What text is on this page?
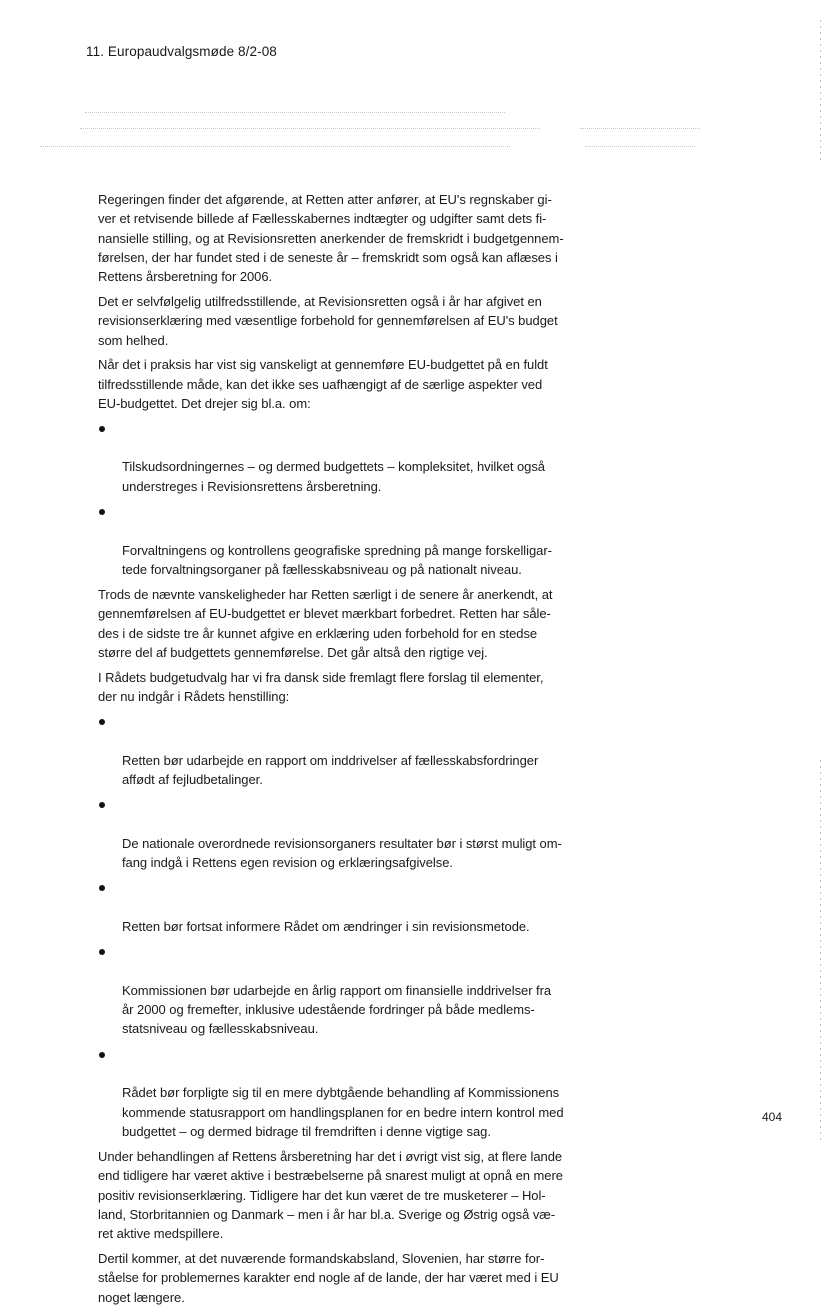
11. Europaudvalgsmøde 8/2-08

Regeringen finder det afgørende, at Retten atter anfører, at EU's regnskaber gi-
ver et retvisende billede af Fællesskabernes indtægter og udgifter samt dets fi-
nansielle stilling, og at Revisionsretten anerkender de fremskridt i budgetgennem-
førelsen, der har fundet sted i de seneste år – fremskridt som også kan aflæses i
Rettens årsberetning for 2006.

Det er selvfølgelig utilfredsstillende, at Revisionsretten også i år har afgivet en
revisionserklæring med væsentlige forbehold for gennemførelsen af EU's budget
som helhed.

Når det i praksis har vist sig vanskeligt at gennemføre EU-budgettet på en fuldt
tilfredsstillende måde, kan det ikke ses uafhængigt af de særlige aspekter ved
EU-budgettet. Det drejer sig bl.a. om:

Tilskudsordningernes – og dermed budgettets – kompleksitet, hvilket også
understreges i Revisionsrettens årsberetning.

Forvaltningens og kontrollens geografiske spredning på mange forskelligar-
tede forvaltningsorganer på fællesskabsniveau og på nationalt niveau.

Trods de nævnte vanskeligheder har Retten særligt i de senere år anerkendt, at
gennemførelsen af EU-budgettet er blevet mærkbart forbedret. Retten har såle-
des i de sidste tre år kunnet afgive en erklæring uden forbehold for en stedse
større del af budgettets gennemførelse. Det går altså den rigtige vej.

I Rådets budgetudvalg har vi fra dansk side fremlagt flere forslag til elementer,
der nu indgår i Rådets henstilling:

Retten bør udarbejde en rapport om inddrivelser af fællesskabsfordringer
affødt af fejludbetalinger.

De nationale overordnede revisionsorganers resultater bør i størst muligt om-
fang indgå i Rettens egen revision og erklæringsafgivelse.

Retten bør fortsat informere Rådet om ændringer i sin revisionsmetode.

Kommissionen bør udarbejde en årlig rapport om finansielle inddrivelser fra
år 2000 og fremefter, inklusive udestående fordringer på både medlems-
statsniveau og fællesskabsniveau.

Rådet bør forpligte sig til en mere dybtgående behandling af Kommissionens
kommende statusrapport om handlingsplanen for en bedre intern kontrol med
budgettet – og dermed bidrage til fremdriften i denne vigtige sag.

Under behandlingen af Rettens årsberetning har det i øvrigt vist sig, at flere lande
end tidligere har været aktive i bestræbelserne på snarest muligt at opnå en mere
positiv revisionserklæring. Tidligere har det kun været de tre musketerer – Hol-
land, Storbritannien og Danmark – men i år har bl.a. Sverige og Østrig også væ-
ret aktive medspillere.

Dertil kommer, at det nuværende formandskabsland, Slovenien, har større for-
ståelse for problemernes karakter end nogle af de lande, der har været med i EU
noget længere.

404
